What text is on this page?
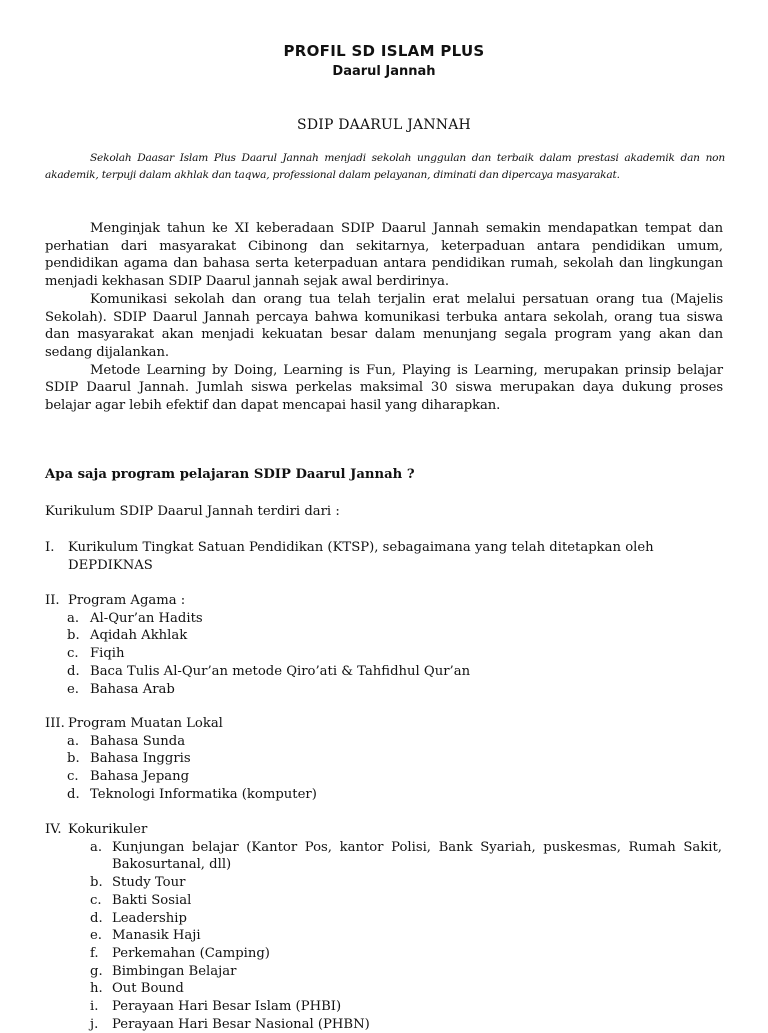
PROFIL SD ISLAM PLUS
Daarul Jannah
SDIP DAARUL JANNAH
Sekolah Daasar Islam Plus Daarul Jannah menjadi sekolah unggulan dan terbaik dalam prestasi akademik dan non akademik, terpuji dalam akhlak dan taqwa, professional dalam pelayanan, diminati dan dipercaya masyarakat.

Menginjak tahun ke XI keberadaan SDIP Daarul Jannah semakin mendapatkan tempat dan perhatian dari masyarakat Cibinong dan sekitarnya, keterpaduan antara pendidikan umum, pendidikan agama dan bahasa serta keterpaduan antara pendidikan rumah, sekolah dan lingkungan menjadi kekhasan SDIP Daarul jannah sejak awal berdirinya.

Komunikasi sekolah dan orang tua telah terjalin erat melalui persatuan orang tua (Majelis Sekolah). SDIP Daarul Jannah percaya bahwa komunikasi terbuka antara sekolah, orang tua siswa dan masyarakat akan menjadi kekuatan besar dalam menunjang segala program yang akan dan sedang dijalankan.

Metode Learning by Doing, Learning is Fun, Playing is Learning, merupakan prinsip belajar SDIP Daarul Jannah. Jumlah siswa perkelas maksimal 30 siswa merupakan daya dukung proses belajar agar lebih efektif dan dapat mencapai hasil yang diharapkan.

Apa saja program pelajaran SDIP Daarul Jannah ?
Kurikulum SDIP Daarul Jannah terdiri dari :
I. Kurikulum Tingkat Satuan Pendidikan (KTSP), sebagaimana yang telah ditetapkan oleh DEPDIKNAS
II. Program Agama :
a. Al-Qur’an Hadits
b. Aqidah Akhlak
c. Fiqih
d. Baca Tulis Al-Qur’an metode Qiro’ati & Tahfidhul Qur’an
e. Bahasa Arab
III. Program Muatan Lokal
a. Bahasa Sunda
b. Bahasa Inggris
c. Bahasa Jepang
d. Teknologi Informatika (komputer)
IV. Kokurikuler
a. Kunjungan belajar (Kantor Pos, kantor Polisi, Bank Syariah, puskesmas, Rumah Sakit, Bakosurtanal, dll)
b. Study Tour
c. Bakti Sosial
d. Leadership
e. Manasik Haji
f. Perkemahan (Camping)
g. Bimbingan Belajar
h. Out Bound
i. Perayaan Hari Besar Islam (PHBI)
j. Perayaan Hari Besar Nasional (PHBN)
